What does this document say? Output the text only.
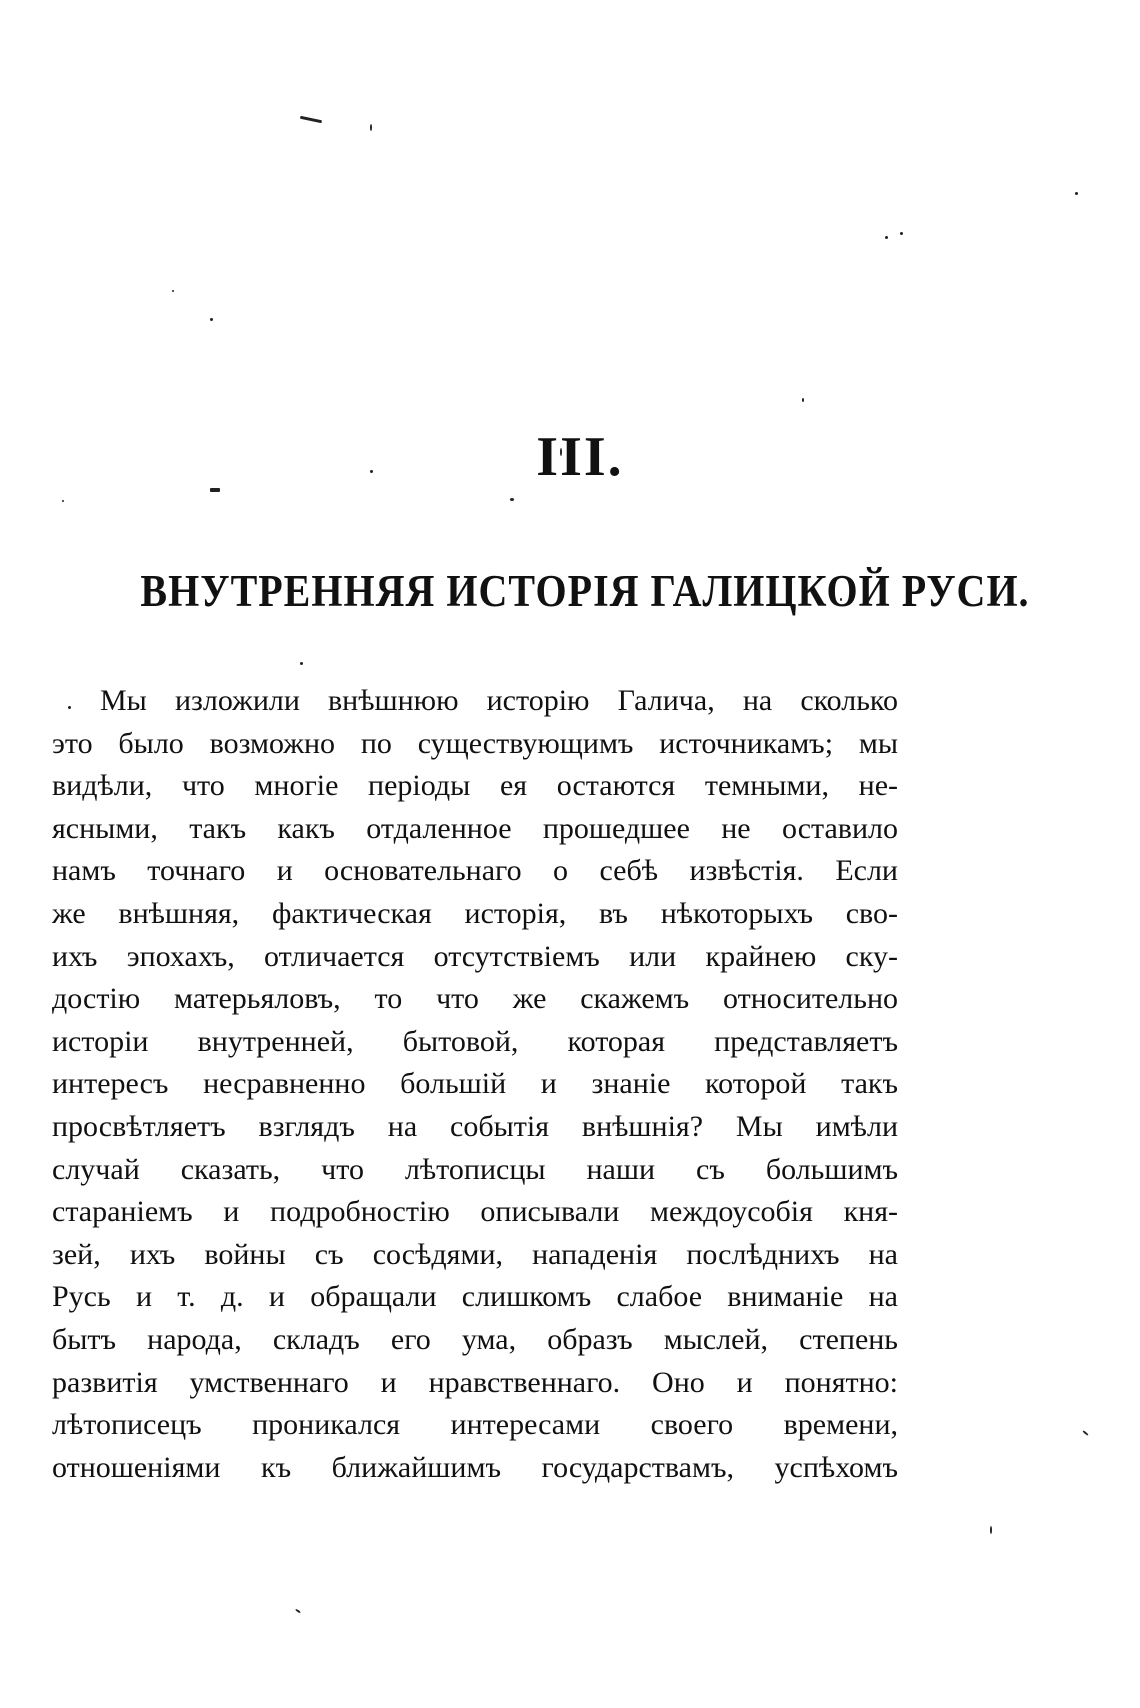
III.
ВНУТРЕННЯЯ ИСТОРІЯ ГАЛИЦКОЙ РУСИ.
Мы изложили внѣшнюю исторію Галича, на сколько
это было возможно по существующимъ источникамъ; мы
видѣли, что многіе періоды ея остаются темными, не-
ясными, такъ какъ отдаленное прошедшее не оставило
намъ точнаго и основательнаго о себѣ извѣстія. Если
же внѣшняя, фактическая исторія, въ нѣкоторыхъ сво-
ихъ эпохахъ, отличается отсутствіемъ или крайнею ску-
достію матерьяловъ, то что же скажемъ относительно
исторіи внутренней, бытовой, которая представляетъ
интересъ несравненно большій и знаніе которой такъ
просвѣтляетъ взглядъ на событія внѣшнія? Мы имѣли
случай сказать, что лѣтописцы наши съ большимъ
стараніемъ и подробностію описывали междоусобія кня-
зей, ихъ войны съ сосѣдями, нападенія послѣднихъ на
Русь и т. д. и обращали слишкомъ слабое вниманіе на
бытъ народа, складъ его ума, образъ мыслей, степень
развитія умственнаго и нравственнаго. Оно и понятно:
лѣтописецъ проникался интересами своего времени,
отношеніями къ ближайшимъ государствамъ, успѣхомъ
